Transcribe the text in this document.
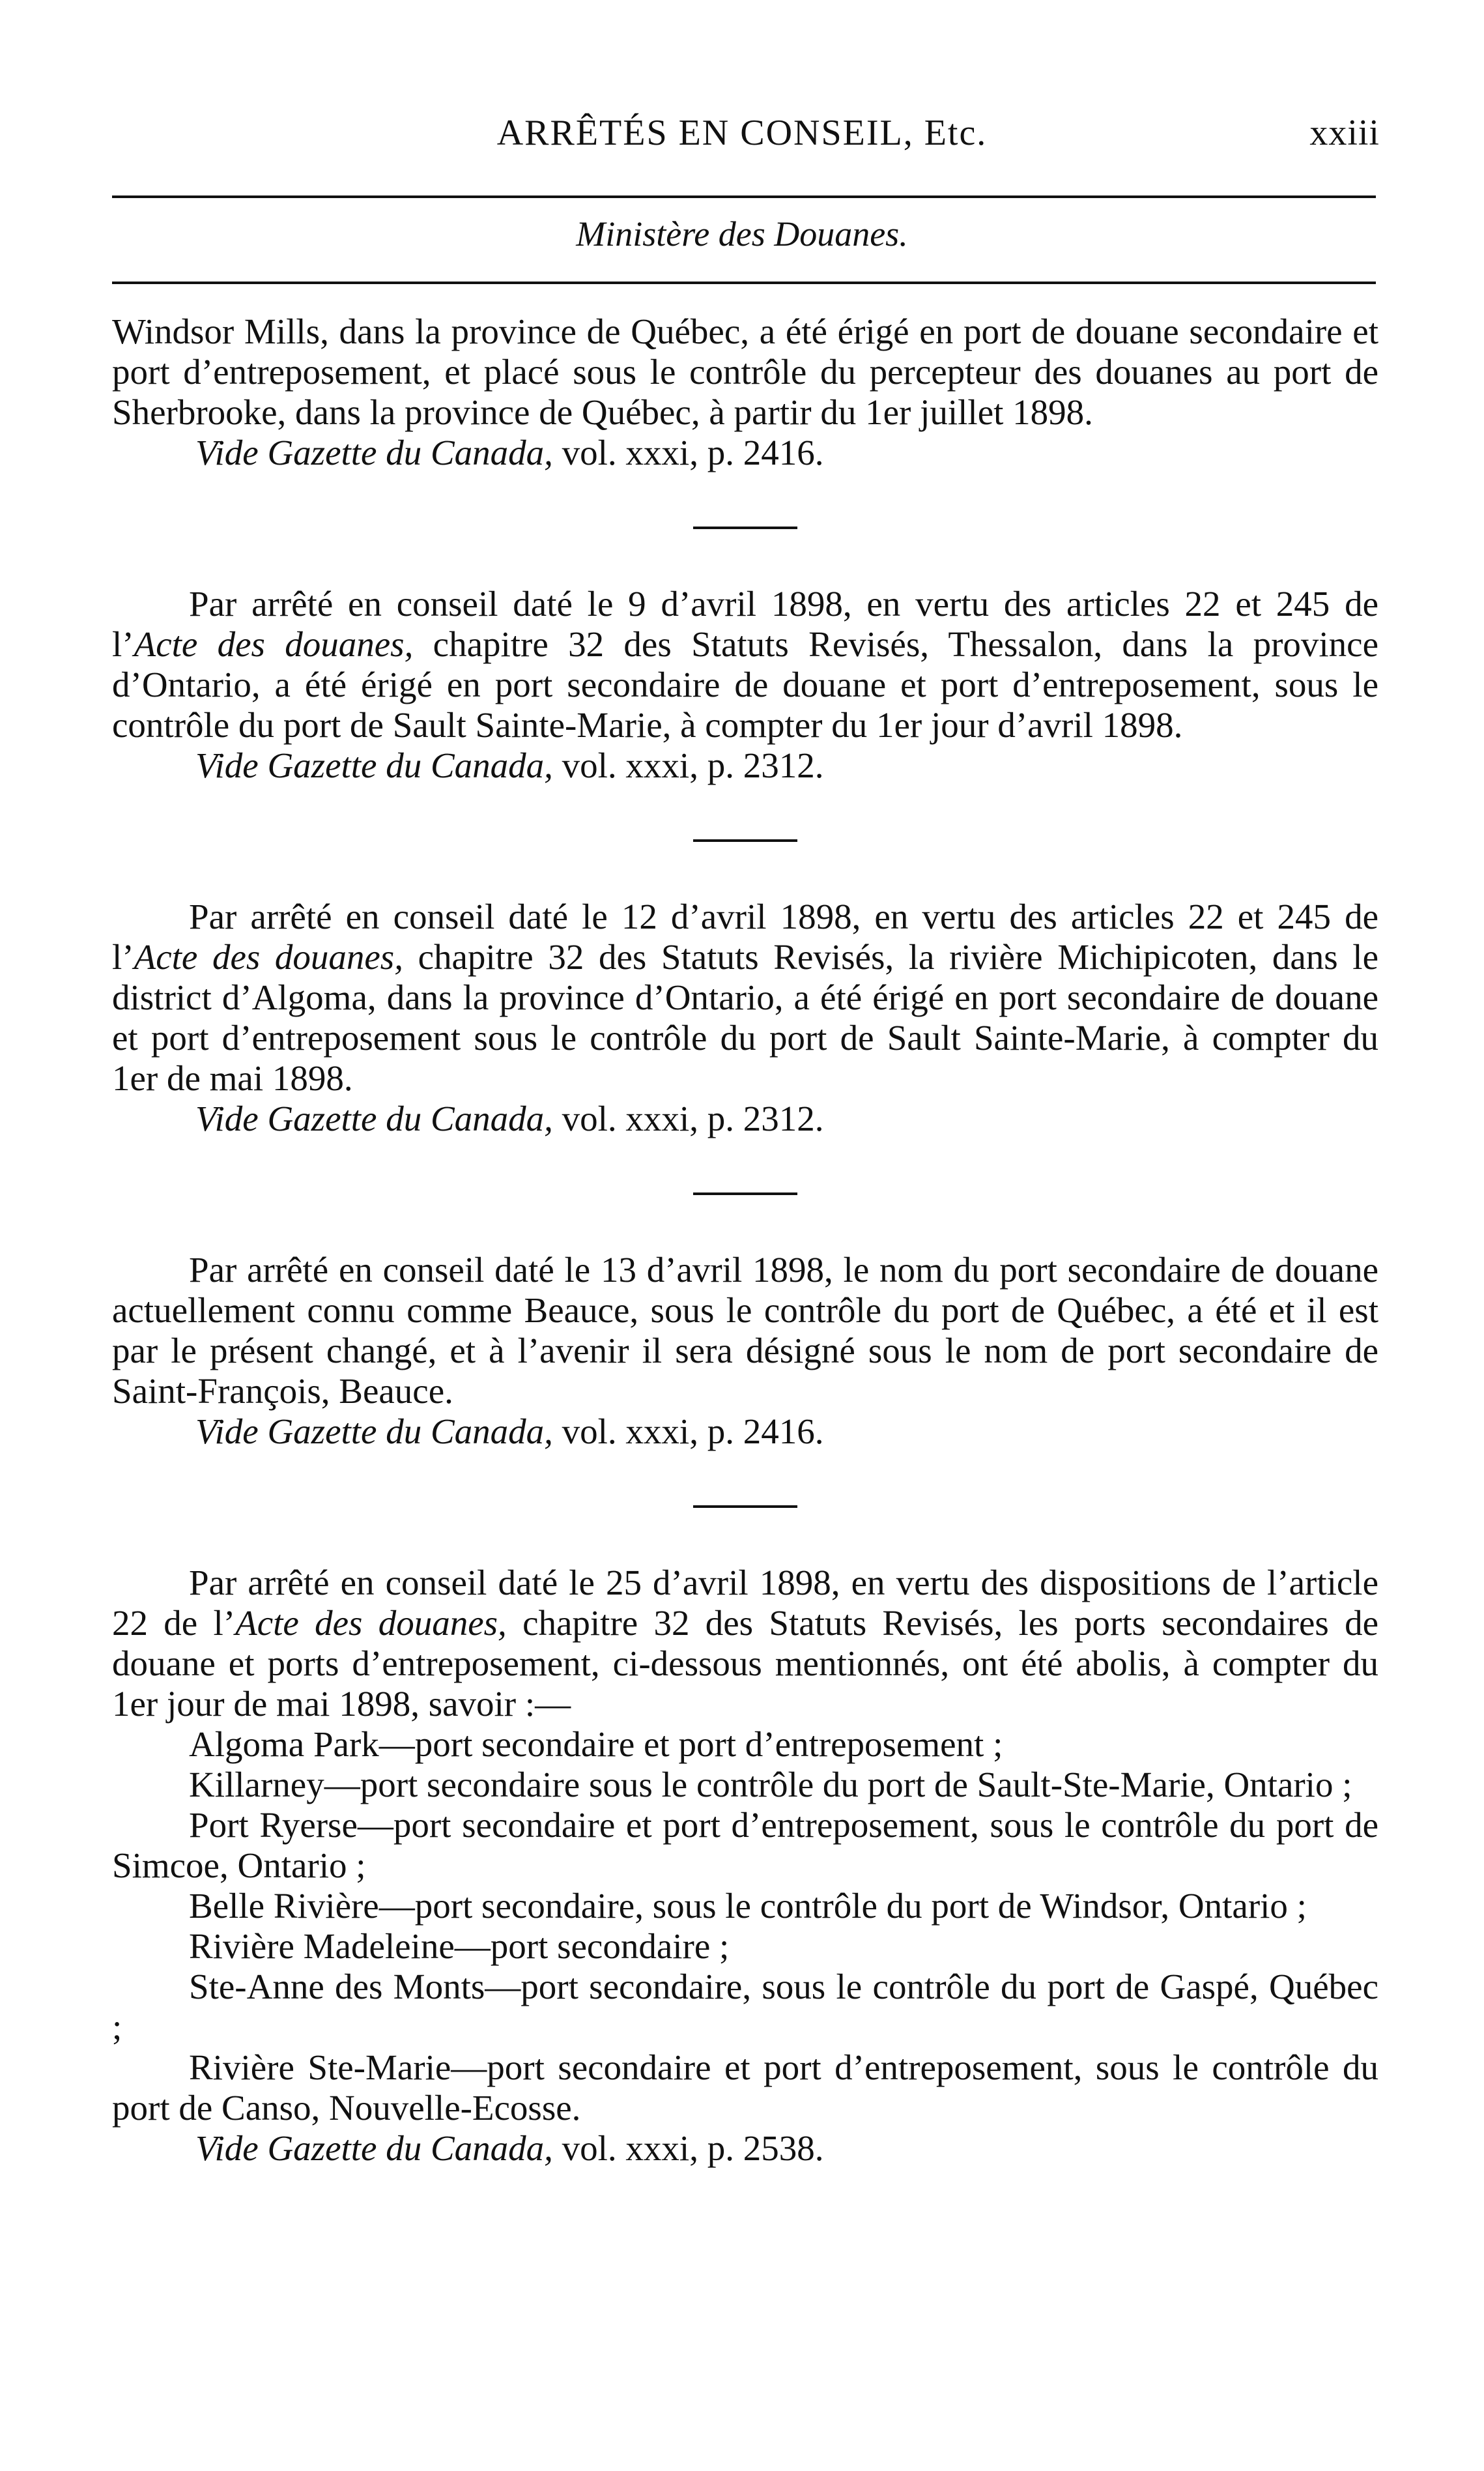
ARRÊTÉS EN CONSEIL, Etc.	xxiii
Ministère des Douanes.

Windsor Mills, dans la province de Québec, a été érigé en port de douane secondaire et port d’entreposement, et placé sous le contrôle du percepteur des douanes au port de Sherbrooke, dans la province de Québec, à partir du 1er juillet 1898.

Vide Gazette du Canada, vol. xxxi, p. 2416.

Par arrêté en conseil daté le 9 d’avril 1898, en vertu des articles 22 et 245 de l’Acte des douanes, chapitre 32 des Statuts Revisés, Thessalon, dans la province d’Ontario, a été érigé en port secondaire de douane et port d’entreposement, sous le contrôle du port de Sault Sainte-Marie, à compter du 1er jour d’avril 1898.

Vide Gazette du Canada, vol. xxxi, p. 2312.

Par arrêté en conseil daté le 12 d’avril 1898, en vertu des articles 22 et 245 de l’Acte des douanes, chapitre 32 des Statuts Revisés, la rivière Michipicoten, dans le district d’Algoma, dans la province d’Ontario, a été érigé en port secondaire de douane et port d’entreposement sous le contrôle du port de Sault Sainte-Marie, à compter du 1er de mai 1898.

Vide Gazette du Canada, vol. xxxi, p. 2312.

Par arrêté en conseil daté le 13 d’avril 1898, le nom du port secondaire de douane actuellement connu comme Beauce, sous le contrôle du port de Québec, a été et il est par le présent changé, et à l’avenir il sera désigné sous le nom de port secondaire de Saint-François, Beauce.

Vide Gazette du Canada, vol. xxxi, p. 2416.

Par arrêté en conseil daté le 25 d’avril 1898, en vertu des dispositions de l’article 22 de l’Acte des douanes, chapitre 32 des Statuts Revisés, les ports secondaires de douane et ports d’entreposement, ci-dessous mentionnés, ont été abolis, à compter du 1er jour de mai 1898, savoir :—

Algoma Park—port secondaire et port d’entreposement ;

Killarney—port secondaire sous le contrôle du port de Sault-Ste-Marie, Ontario ;

Port Ryerse—port secondaire et port d’entreposement, sous le contrôle du port de Simcoe, Ontario ;

Belle Rivière—port secondaire, sous le contrôle du port de Windsor, Ontario ;

Rivière Madeleine—port secondaire ;

Ste-Anne des Monts—port secondaire, sous le contrôle du port de Gaspé, Québec ;

Rivière Ste-Marie—port secondaire et port d’entreposement, sous le contrôle du port de Canso, Nouvelle-Ecosse.

Vide Gazette du Canada, vol. xxxi, p. 2538.
